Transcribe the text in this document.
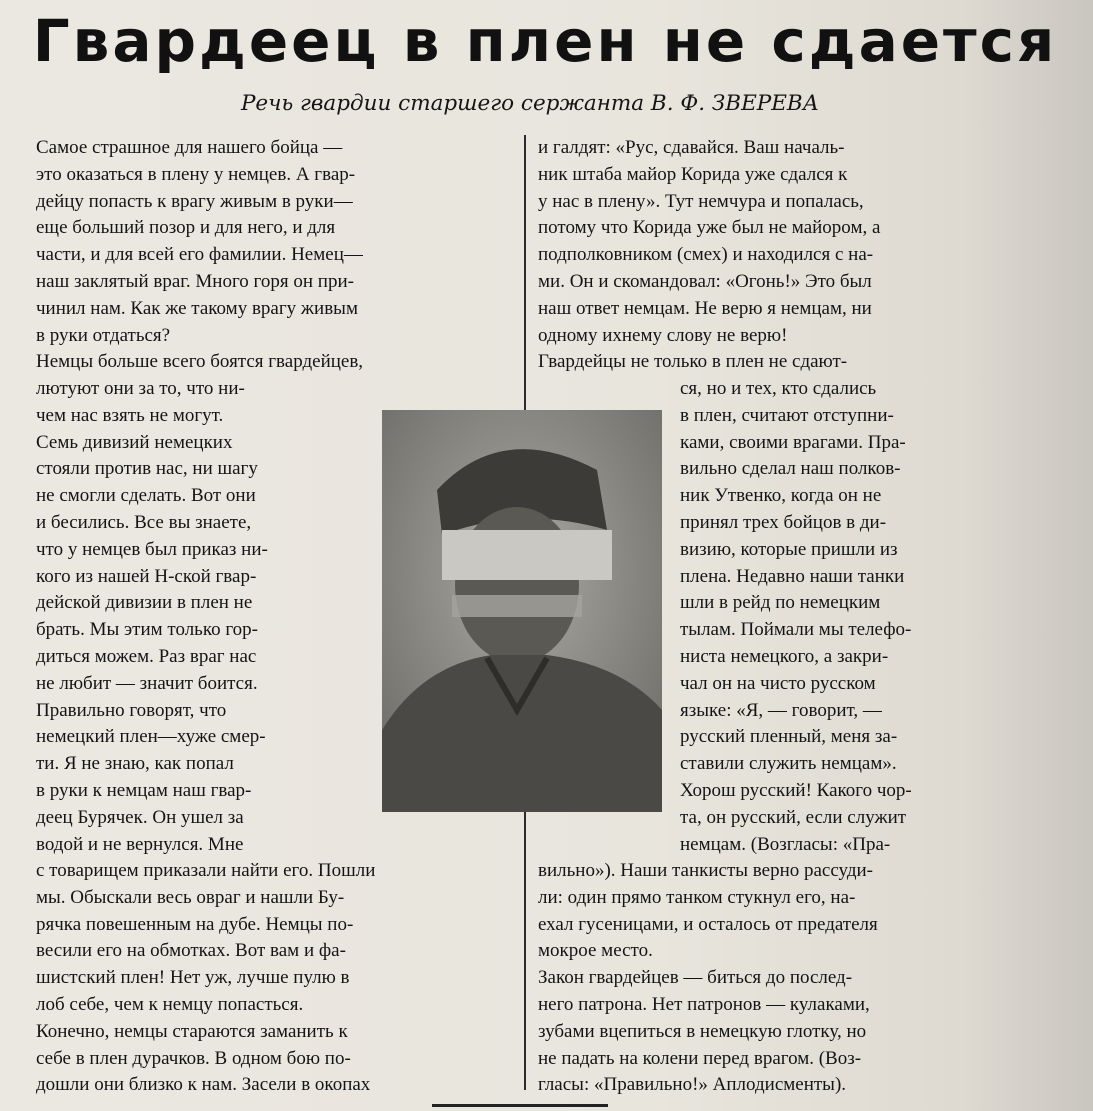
Гвардеец в плен не сдается
Речь гвардии старшего сержанта В. Ф. ЗВЕРЕВА
Самое страшное для нашего бойца —
это оказаться в плену у немцев. А гвар-
дейцу попасть к врагу живым в руки—
еще больший позор и для него, и для
части, и для всей его фамилии. Немец—
наш заклятый враг. Много горя он при-
чинил нам. Как же такому врагу живым
в руки отдаться?
Немцы больше всего боятся гвардейцев,
лютуют они за то, что ни-
чем нас взять не могут.
Семь дивизий немецких
стояли против нас, ни шагу
не смогли сделать. Вот они
и бесились. Все вы знаете,
что у немцев был приказ ни-
кого из нашей Н-ской гвар-
дейской дивизии в плен не
брать. Мы этим только гор-
диться можем. Раз враг нас
не любит — значит боится.
Правильно говорят, что
немецкий плен—хуже смер-
ти. Я не знаю, как попал
в руки к немцам наш гвар-
деец Бурячек. Он ушел за
водой и не вернулся. Мне
с товарищем приказали найти его. Пошли
мы. Обыскали весь овраг и нашли Бу-
рячка повешенным на дубе. Немцы по-
весили его на обмотках. Вот вам и фа-
шистский плен! Нет уж, лучше пулю в
лоб себе, чем к немцу попасться.
Конечно, немцы стараются заманить к
себе в плен дурачков. В одном бою по-
дошли они близко к нам. Засели в окопах
и галдят: «Рус, сдавайся. Ваш началь-
ник штаба майор Корида уже сдался к
у нас в плену». Тут немчура и попалась,
потому что Корида уже был не майором, а
подполковником (смех) и находился с на-
ми. Он и скомандовал: «Огонь!» Это был
наш ответ немцам. Не верю я немцам, ни
одному ихнему слову не верю!
Гвардейцы не только в плен не сдают-
ся, но и тех, кто сдались
в плен, считают отступни-
ками, своими врагами. Пра-
вильно сделал наш полков-
ник Утвенко, когда он не
принял трех бойцов в ди-
визию, которые пришли из
плена. Недавно наши танки
шли в рейд по немецким
тылам. Поймали мы телефо-
ниста немецкого, а закри-
чал он на чисто русском
языке: «Я, — говорит, —
русский пленный, меня за-
ставили служить немцам».
Хорош русский! Какого чор-
та, он русский, если служит
немцам. (Возгласы: «Пра-
вильно»). Наши танкисты верно рассуди-
ли: один прямо танком стукнул его, на-
ехал гусеницами, и осталось от предателя
мокрое место.
Закон гвардейцев — биться до послед-
него патрона. Нет патронов — кулаками,
зубами вцепиться в немецкую глотку, но
не падать на колени перед врагом. (Воз-
гласы: «Правильно!» Аплодисменты).
